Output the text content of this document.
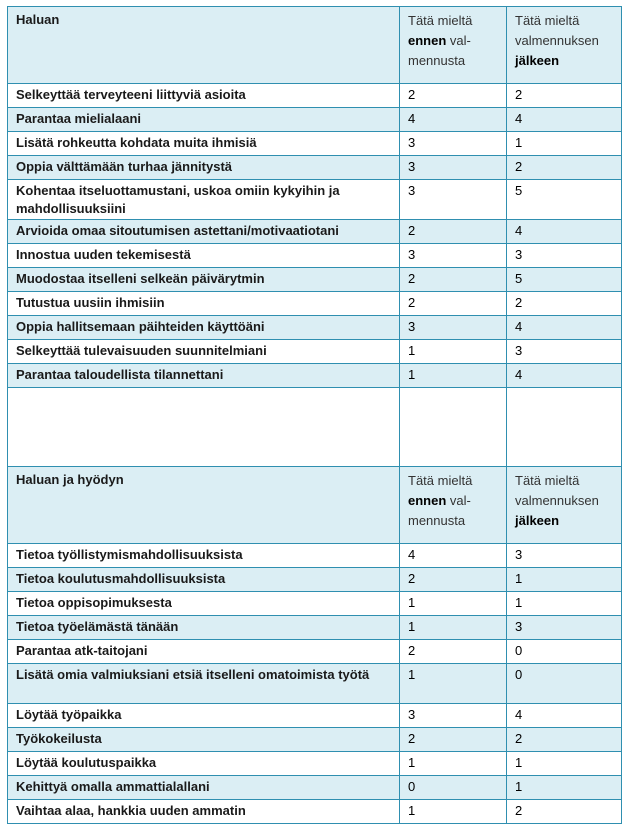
Haluan	Tätä mieltä ennen val-mennusta	Tätä mieltä valmennuksen jälkeen
Selkeyttää terveyteeni liittyviä asioita	2	2
Parantaa mielialaani	4	4
Lisätä rohkeutta kohdata muita ihmisiä	3	1
Oppia välttämään turhaa jännitystä	3	2
Kohentaa itseluottamustani, uskoa omiin kykyihin ja mahdollisuuksiini	3	5
Arvioida omaa sitoutumisen astettani/motivaatiotani	2	4
Innostua uuden tekemisestä	3	3
Muodostaa itselleni selkeän päivärytmin	2	5
Tutustua uusiin ihmisiin	2	2
Oppia hallitsemaan päihteiden käyttöäni	3	4
Selkeyttää tulevaisuuden suunnitelmiani	1	3
Parantaa taloudellista tilannettani	1	4

Haluan ja hyödyn	Tätä mieltä ennen val-mennusta	Tätä mieltä valmennuksen jälkeen
Tietoa työllistymismahdollisuuksista	4	3
Tietoa koulutusmahdollisuuksista	2	1
Tietoa oppisopimuksesta	1	1
Tietoa työelämästä tänään	1	3
Parantaa atk-taitojani	2	0
Lisätä omia valmiuksiani etsiä itselleni omatoimista työtä	1	0
Löytää työpaikka	3	4
Työkokeilusta	2	2
Löytää koulutuspaikka	1	1
Kehittyä omalla ammattialallani	0	1
Vaihtaa alaa, hankkia uuden ammatin	1	2
